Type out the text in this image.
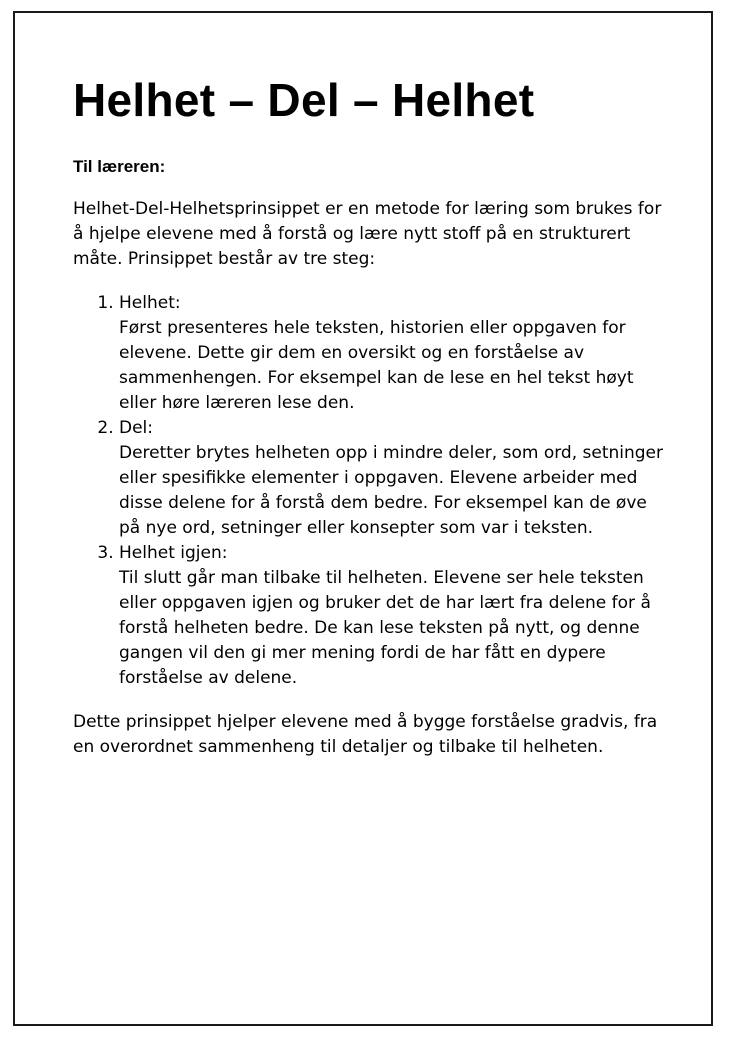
Helhet – Del – Helhet
Til læreren:

Helhet-Del-Helhetsprinsippet er en metode for læring som brukes for å hjelpe elevene med å forstå og lære nytt stoff på en strukturert måte. Prinsippet består av tre steg:

1. Helhet:
Først presenteres hele teksten, historien eller oppgaven for elevene. Dette gir dem en oversikt og en forståelse av sammenhengen. For eksempel kan de lese en hel tekst høyt eller høre læreren lese den.
2. Del:
Deretter brytes helheten opp i mindre deler, som ord, setninger eller spesifikke elementer i oppgaven. Elevene arbeider med disse delene for å forstå dem bedre. For eksempel kan de øve på nye ord, setninger eller konsepter som var i teksten.
3. Helhet igjen:
Til slutt går man tilbake til helheten. Elevene ser hele teksten eller oppgaven igjen og bruker det de har lært fra delene for å forstå helheten bedre. De kan lese teksten på nytt, og denne gangen vil den gi mer mening fordi de har fått en dypere forståelse av delene.

Dette prinsippet hjelper elevene med å bygge forståelse gradvis, fra en overordnet sammenheng til detaljer og tilbake til helheten.
